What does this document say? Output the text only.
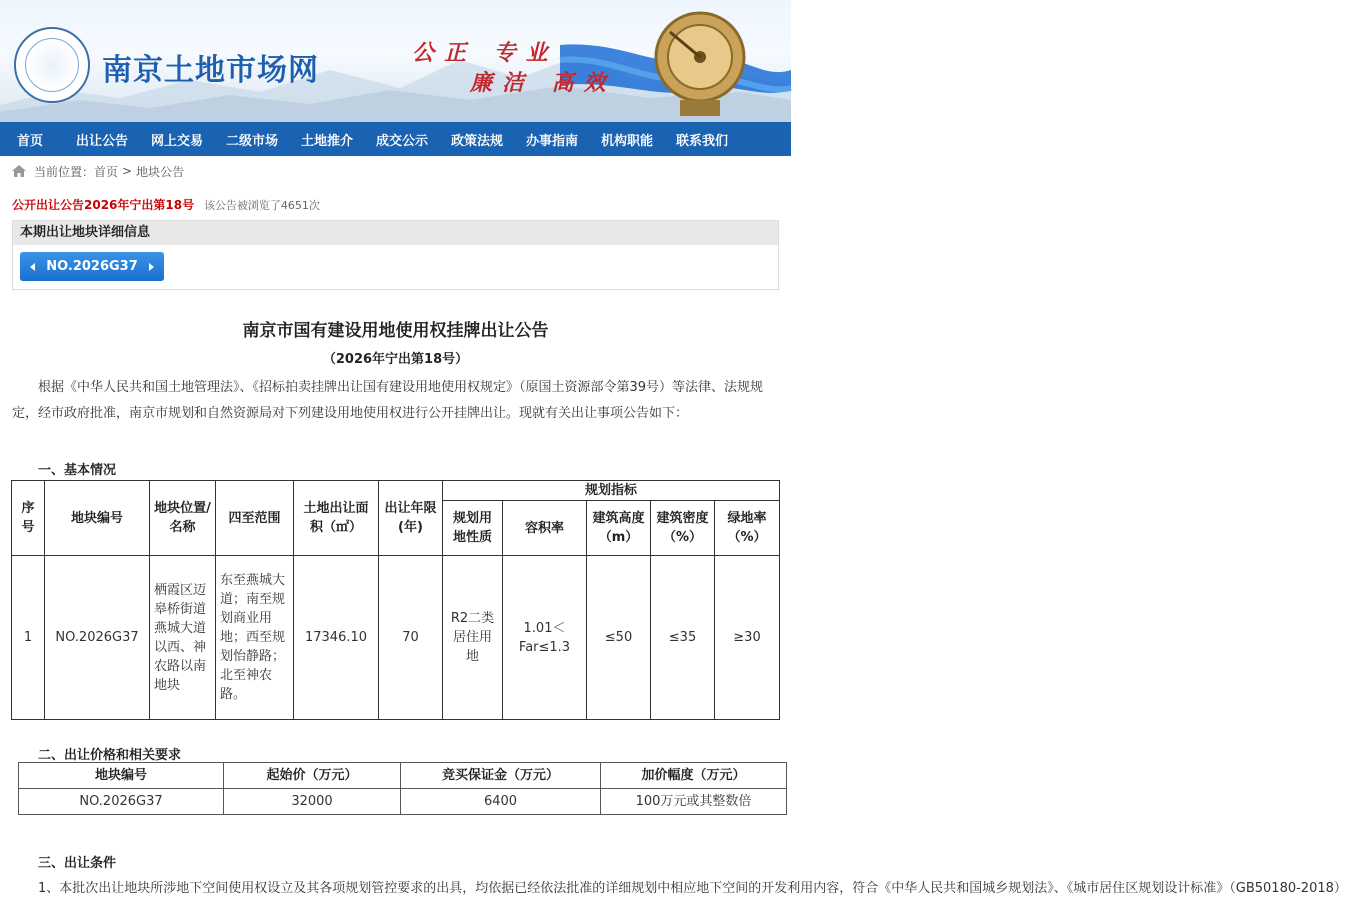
南京土地市场网	公正 专业
廉洁 高效
首页	出让公告	网上交易	二级市场	土地推介	成交公示	政策法规	办事指南	机构职能	联系我们
当前位置： 首页 > 地块公告
公开出让公告2026年宁出第18号 该公告被浏览了4651次
本期出让地块详细信息
NO.2026G37
南京市国有建设用地使用权挂牌出让公告
（2026年宁出第18号）
根据《中华人民共和国土地管理法》、《招标拍卖挂牌出让国有建设用地使用权规定》（原国土资源部令第39号）等法律、法规规定，经市政府批准，南京市规划和自然资源局对下列建设用地使用权进行公开挂牌出让。现就有关出让事项公告如下：
一、基本情况
序号	地块编号	地块位置/名称	四至范围	土地出让面积（㎡）	出让年限(年)	规划指标				
						规划用地性质	容积率	建筑高度（m）	建筑密度（%）	绿地率（%）
1	NO.2026G37	栖霞区迈皋桥街道燕城大道以西、神农路以南地块	东至燕城大道；南至规划商业用地；西至规划怡静路；北至神农路。	17346.10	70	R2二类居住用地	1.01＜Far≤1.3	≤50	≤35	≥30
二、出让价格和相关要求
地块编号	起始价（万元）	竞买保证金（万元）	加价幅度（万元）
NO.2026G37	32000	6400	100万元或其整数倍
三、出让条件
1、本批次出让地块所涉地下空间使用权设立及其各项规划管控要求的出具，均依据已经依法批准的详细规划中相应地下空间的开发利用内容，符合《中华人民共和国城乡规划法》、《城市居住区规划设计标准》（GB50180-2018）
